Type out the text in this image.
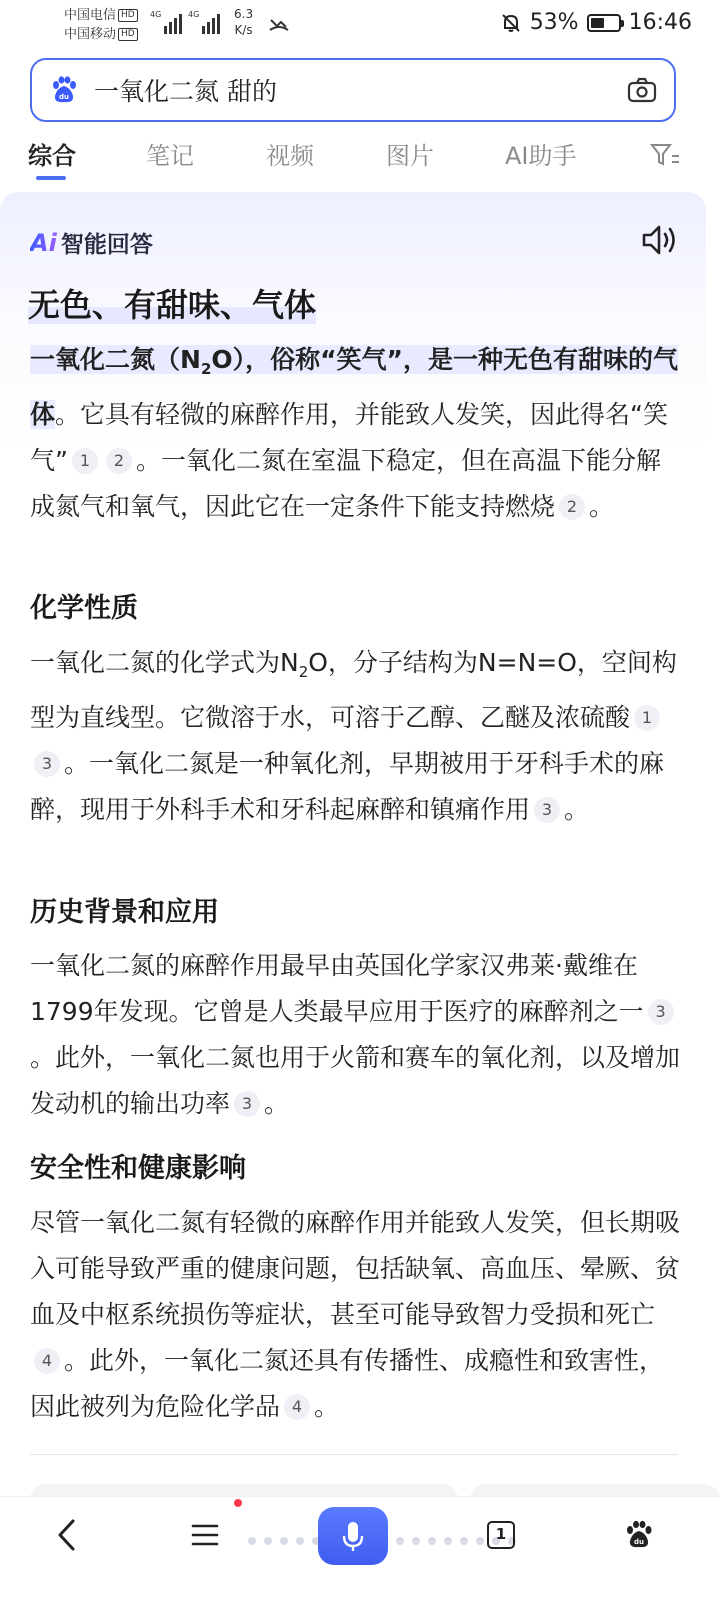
中国电信 HD
中国移动 HD
4G	4G	6.3
K/s	53% 16:46
du 一氧化二氮 甜的
综合	笔记	视频	图片	AI助手
Ai 智能回答
无色、有甜味、气体
一氧化二氮$(N_2O)$，俗称“笑气”，是一种无色有甜味的气体。它具有轻微的麻醉作用，并能致人发笑，因此得名“笑气” 1 2 。一氧化二氮在室温下稳定，但在高温下能分解成氮气和氧气，因此它在一定条件下能支持燃烧 2 。
化学性质
一氧化二氮的化学式为$N_2O$，分子结构为N=N=O，空间构型为直线型。它微溶于水，可溶于乙醇、乙醚及浓硫酸 13 。一氧化二氮是一种氧化剂，早期被用于牙科手术的麻醉，现用于外科手术和牙科起麻醉和镇痛作用 3 。
历史背景和应用
一氧化二氮的麻醉作用最早由英国化学家汉弗莱·戴维在1799年发现。它曾是人类最早应用于医疗的麻醉剂之一 3。此外，一氧化二氮也用于火箭和赛车的氧化剂，以及增加发动机的输出功率 3 。
安全性和健康影响
尽管一氧化二氮有轻微的麻醉作用并能致人发笑，但长期吸入可能导致严重的健康问题，包括缺氧、高血压、晕厥、贫血及中枢系统损伤等症状，甚至可能导致智力受损和死亡4 。此外，一氧化二氮还具有传播性、成瘾性和致害性，因此被列为危险化学品 4 。
1	du
